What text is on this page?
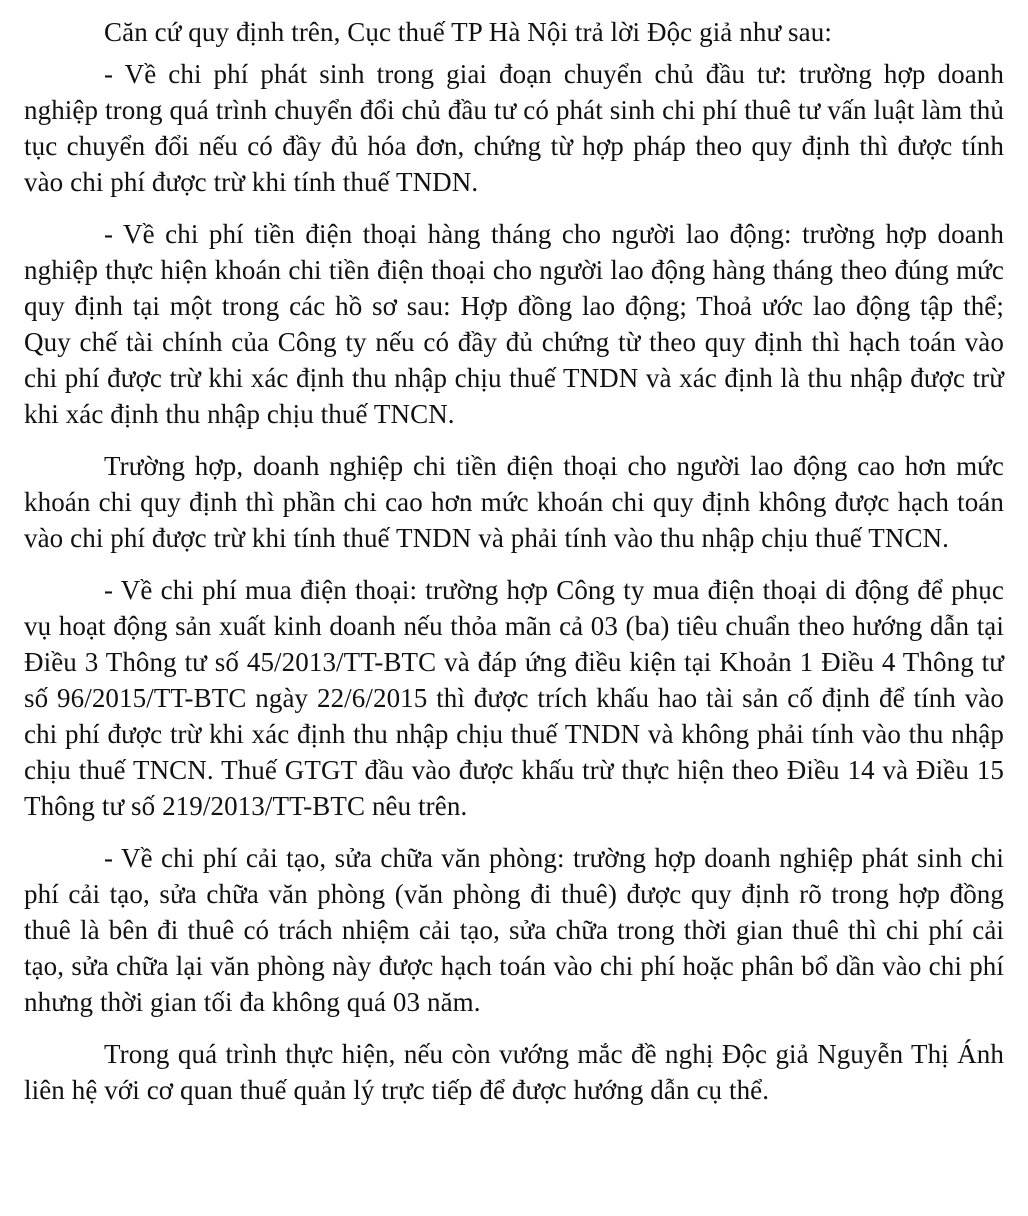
Căn cứ quy định trên, Cục thuế TP Hà Nội trả lời Độc giả như sau:

- Về chi phí phát sinh trong giai đoạn chuyển chủ đầu tư: trường hợp doanh nghiệp trong quá trình chuyển đổi chủ đầu tư có phát sinh chi phí thuê tư vấn luật làm thủ tục chuyển đổi nếu có đầy đủ hóa đơn, chứng từ hợp pháp theo quy định thì được tính vào chi phí được trừ khi tính thuế TNDN.

- Về chi phí tiền điện thoại hàng tháng cho người lao động: trường hợp doanh nghiệp thực hiện khoán chi tiền điện thoại cho người lao động hàng tháng theo đúng mức quy định tại một trong các hồ sơ sau: Hợp đồng lao động; Thoả ước lao động tập thể; Quy chế tài chính của Công ty nếu có đầy đủ chứng từ theo quy định thì hạch toán vào chi phí được trừ khi xác định thu nhập chịu thuế TNDN và xác định là thu nhập được trừ khi xác định thu nhập chịu thuế TNCN.

Trường hợp, doanh nghiệp chi tiền điện thoại cho người lao động cao hơn mức khoán chi quy định thì phần chi cao hơn mức khoán chi quy định không được hạch toán vào chi phí được trừ khi tính thuế TNDN và phải tính vào thu nhập chịu thuế TNCN.

- Về chi phí mua điện thoại: trường hợp Công ty mua điện thoại di động để phục vụ hoạt động sản xuất kinh doanh nếu thỏa mãn cả 03 (ba) tiêu chuẩn theo hướng dẫn tại Điều 3 Thông tư số 45/2013/TT-BTC và đáp ứng điều kiện tại Khoản 1 Điều 4 Thông tư số 96/2015/TT-BTC ngày 22/6/2015 thì được trích khấu hao tài sản cố định để tính vào chi phí được trừ khi xác định thu nhập chịu thuế TNDN và không phải tính vào thu nhập chịu thuế TNCN. Thuế GTGT đầu vào được khấu trừ thực hiện theo Điều 14 và Điều 15 Thông tư số 219/2013/TT-BTC nêu trên.

- Về chi phí cải tạo, sửa chữa văn phòng: trường hợp doanh nghiệp phát sinh chi phí cải tạo, sửa chữa văn phòng (văn phòng đi thuê) được quy định rõ trong hợp đồng thuê là bên đi thuê có trách nhiệm cải tạo, sửa chữa trong thời gian thuê thì chi phí cải tạo, sửa chữa lại văn phòng này được hạch toán vào chi phí hoặc phân bổ dần vào chi phí nhưng thời gian tối đa không quá 03 năm.

Trong quá trình thực hiện, nếu còn vướng mắc đề nghị Độc giả Nguyễn Thị Ánh liên hệ với cơ quan thuế quản lý trực tiếp để được hướng dẫn cụ thể.
